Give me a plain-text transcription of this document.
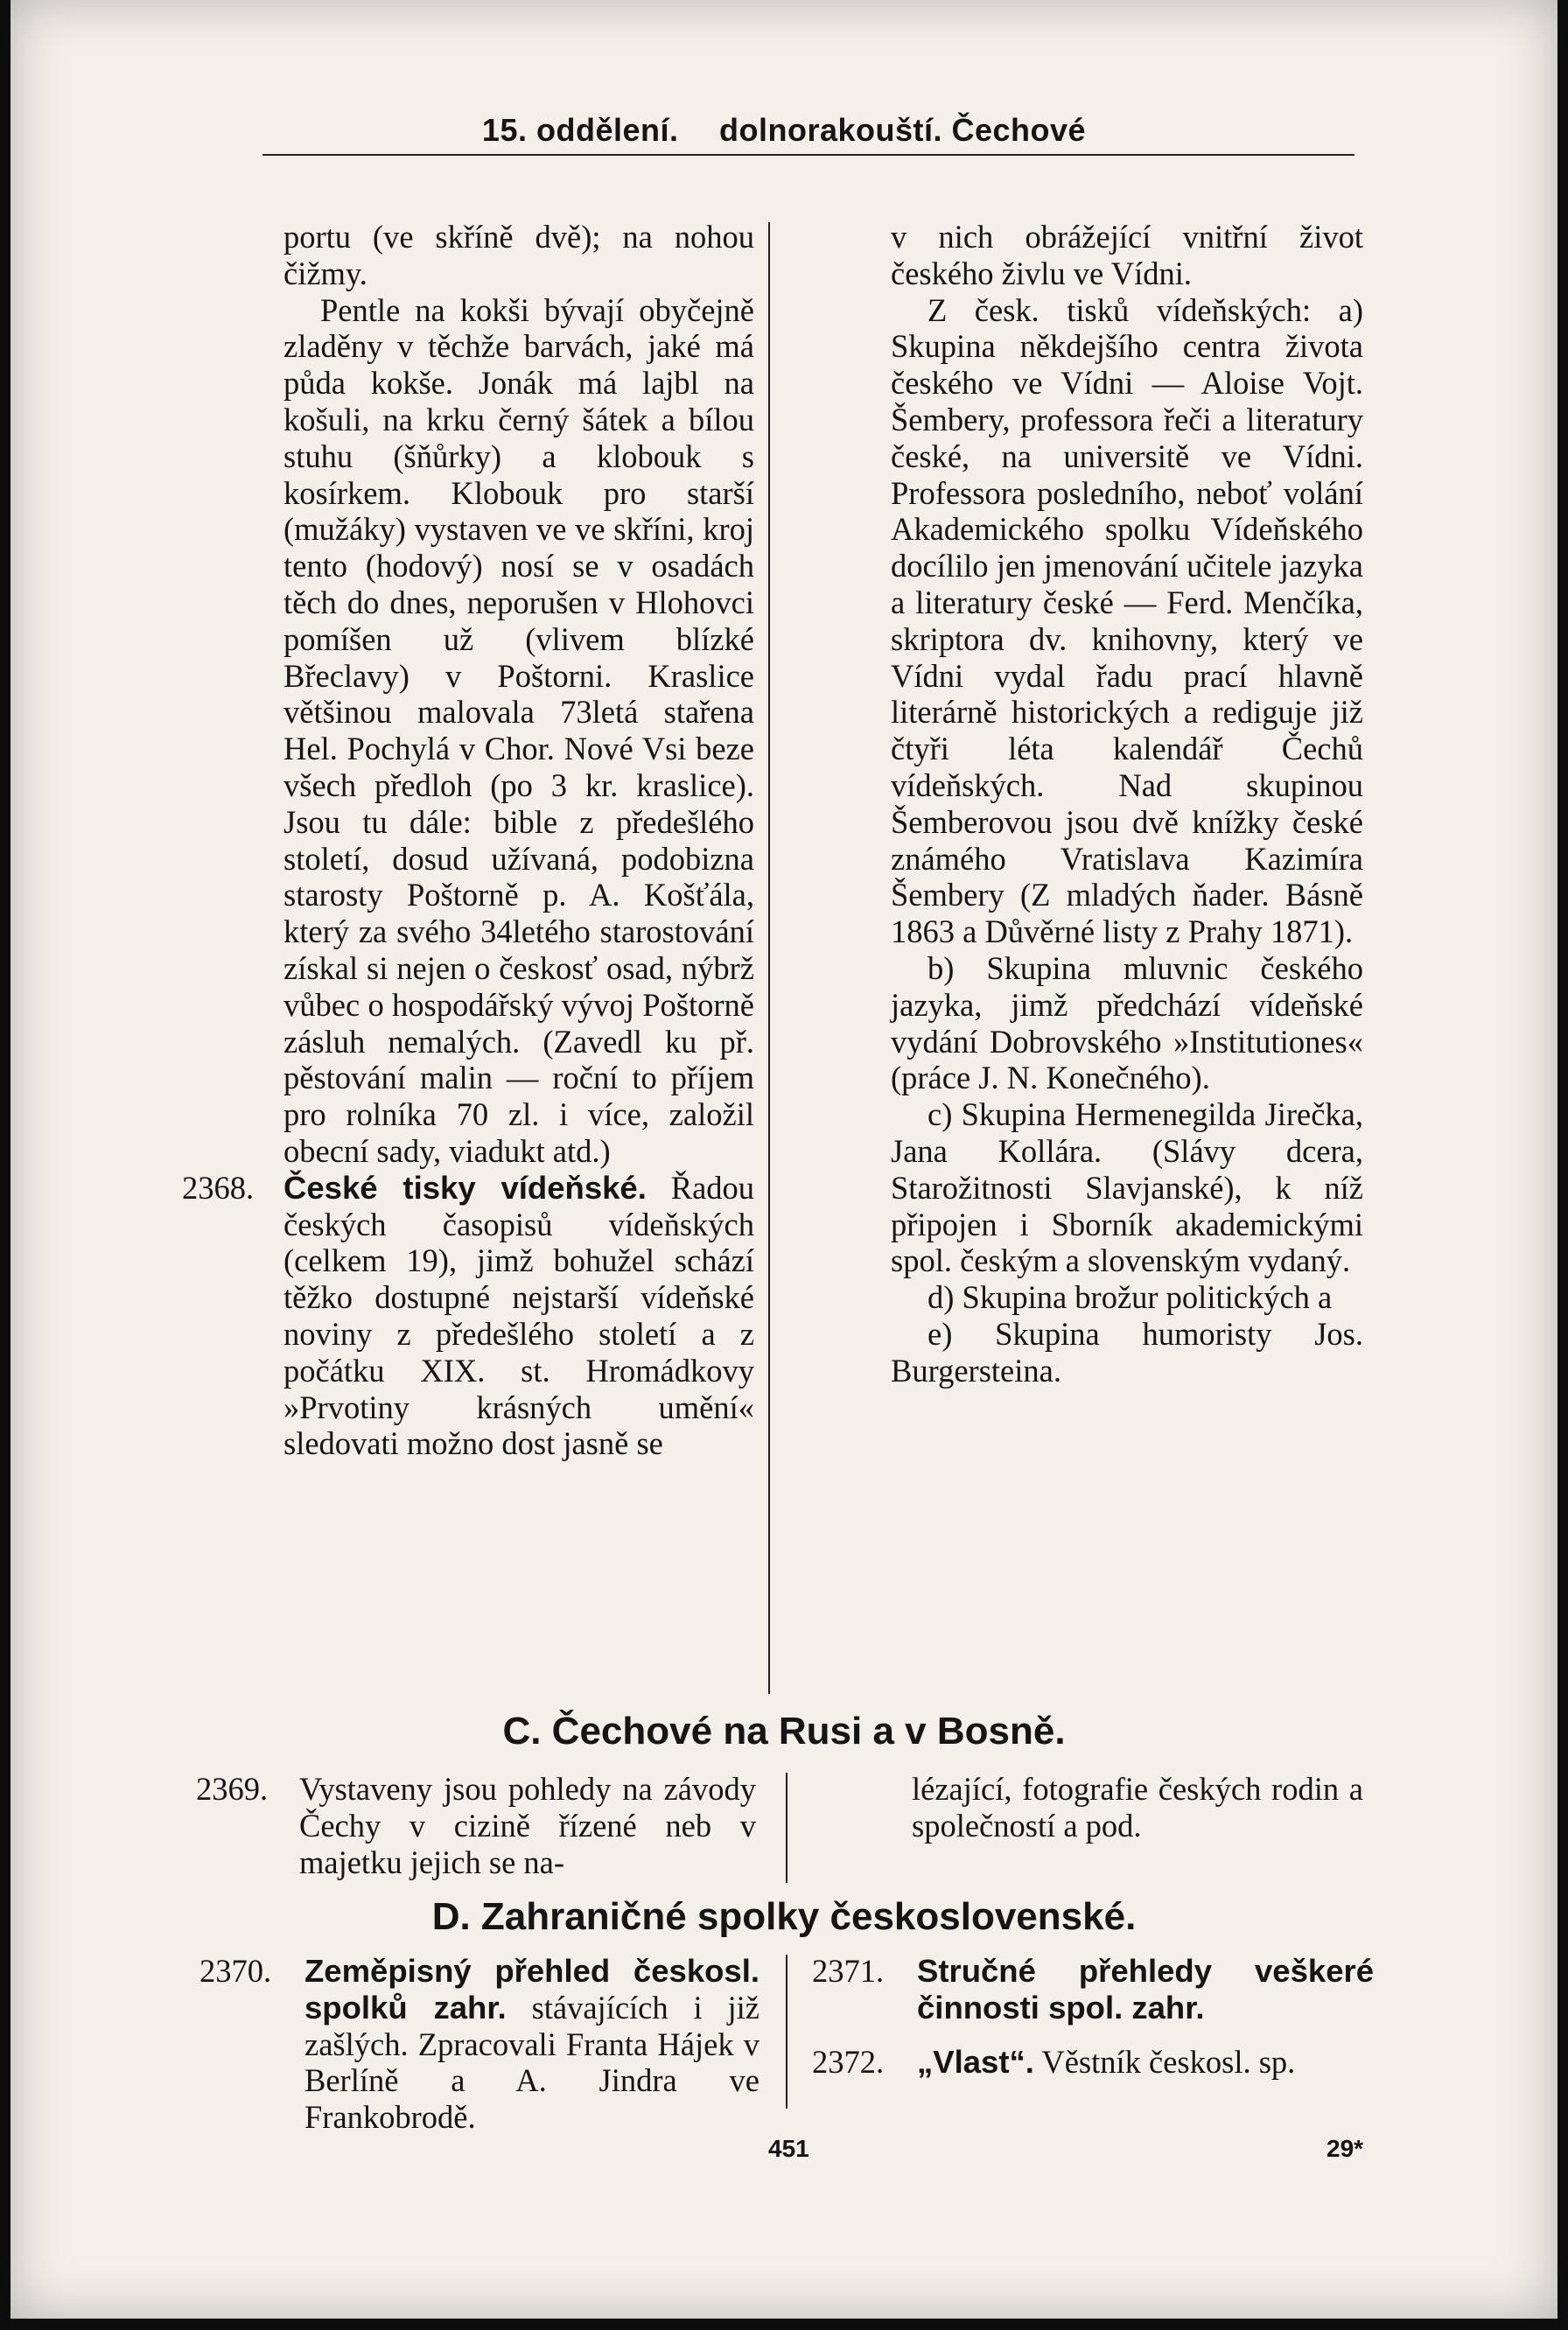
15. oddělení. dolnorakouští. Čechové

portu (ve skříně dvě); na nohou čižmy.

Pentle na kokši bývají obyčejně zladěny v těchže barvách, jaké má půda kokše. Jonák má lajbl na košuli, na krku černý šátek a bílou stuhu (šňůrky) a klobouk s kosírkem. Klobouk pro starší (mužáky) vystaven ve ve skříni, kroj tento (hodový) nosí se v osadách těch do dnes, neporušen v Hlohovci pomíšen už (vlivem blízké Břeclavy) v Poštorni. Kraslice většinou malovala 73letá stařena Hel. Pochylá v Chor. Nové Vsi beze všech předloh (po 3 kr. kraslice). Jsou tu dále: bible z předešlého století, dosud užívaná, podobizna starosty Poštorně p. A. Košťála, který za svého 34letého starostování získal si nejen o českosť osad, nýbrž vůbec o hospodářský vývoj Poštorně zásluh nemalých. (Zavedl ku př. pěstování malin — roční to příjem pro rolníka 70 zl. i více, založil obecní sady, viadukt atd.)

2368. České tisky vídeňské. Řadou českých časopisů vídeňských (celkem 19), jimž bohužel schází těžko dostupné nejstarší vídeňské noviny z předešlého století a z počátku XIX. st. Hromádkovy »Prvotiny krásných umění« sledovati možno dost jasně se

v nich obrážející vnitřní život českého živlu ve Vídni.

Z česk. tisků vídeňských: a) Skupina někdejšího centra života českého ve Vídni — Aloise Vojt. Šembery, professora řeči a literatury české, na universitě ve Vídni. Professora posledního, neboť volání Akademického spolku Vídeňského docílilo jen jmenování učitele jazyka a literatury české — Ferd. Menčíka, skriptora dv. knihovny, který ve Vídni vydal řadu prací hlavně literárně historických a rediguje již čtyři léta kalendář Čechů vídeňských. Nad skupinou Šemberovou jsou dvě knížky české známého Vratislava Kazimíra Šembery (Z mladých ňader. Básně 1863 a Důvěrné listy z Prahy 1871).

b) Skupina mluvnic českého jazyka, jimž předchází vídeňské vydání Dobrovského »Institutiones« (práce J. N. Konečného).

c) Skupina Hermenegilda Jirečka, Jana Kollára. (Slávy dcera, Starožitnosti Slavjanské), k níž připojen i Sborník akademickými spol. českým a slovenským vydaný.

d) Skupina brožur politických a

e) Skupina humoristy Jos. Burgersteina.

C. Čechové na Rusi a v Bosně.
2369. Vystaveny jsou pohledy na závody Čechy v cizině řízené neb v majetku jejich se na-

lézající, fotografie českých rodin a společností a pod.

D. Zahraničné spolky československé.
2370. Zeměpisný přehled českosl. spolků zahr. stávajících i již zašlých. Zpracovali Franta Hájek v Berlíně a A. Jindra ve Frankobrodě.

2371. Stručné přehledy veškeré činnosti spol. zahr.

2372. „Vlast“. Věstník českosl. sp.

451	29*
